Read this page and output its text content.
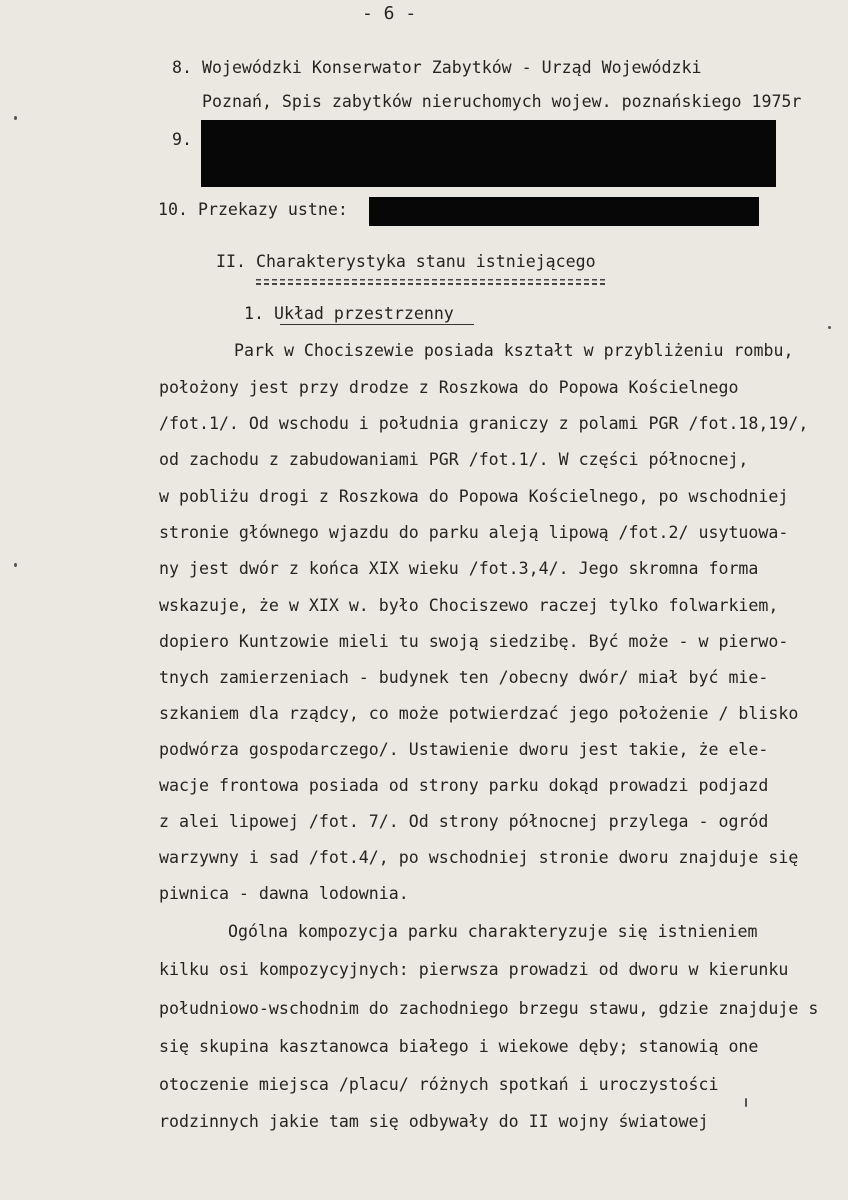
- 6 -
8. Wojewódzki Konserwator Zabytków - Urząd Wojewódzki
Poznań, Spis zabytków nieruchomych wojew. poznańskiego 1975r
9.
10. Przekazy ustne:
II. Charakterystyka stanu istniejącego
1. Układ przestrzenny
Park w Chociszewie posiada kształt w przybliżeniu rombu,
położony jest przy drodze z Roszkowa do Popowa Kościelnego
/fot.1/. Od wschodu i południa graniczy z polami PGR /fot.18,19/,
od zachodu z zabudowaniami PGR /fot.1/. W części północnej,
w pobliżu drogi z Roszkowa do Popowa Kościelnego, po wschodniej
stronie głównego wjazdu do parku aleją lipową /fot.2/ usytuowa-
ny jest dwór z końca XIX wieku /fot.3,4/. Jego skromna forma
wskazuje, że w XIX w. było Chociszewo raczej tylko folwarkiem,
dopiero Kuntzowie mieli tu swoją siedzibę. Być może - w pierwo-
tnych zamierzeniach - budynek ten /obecny dwór/ miał być mie-
szkaniem dla rządcy, co może potwierdzać jego położenie / blisko
podwórza gospodarczego/. Ustawienie dworu jest takie, że ele-
wacje frontowa posiada od strony parku dokąd prowadzi podjazd
z alei lipowej /fot. 7/. Od strony północnej przylega - ogród
warzywny i sad /fot.4/, po wschodniej stronie dworu znajduje się
piwnica - dawna lodownia.
Ogólna kompozycja parku charakteryzuje się istnieniem
kilku osi kompozycyjnych: pierwsza prowadzi od dworu w kierunku
południowo-wschodnim do zachodniego brzegu stawu, gdzie znajduje s
się skupina kasztanowca białego i wiekowe dęby; stanowią one
otoczenie miejsca /placu/ różnych spotkań i uroczystości
rodzinnych jakie tam się odbywały do II wojny światowej
